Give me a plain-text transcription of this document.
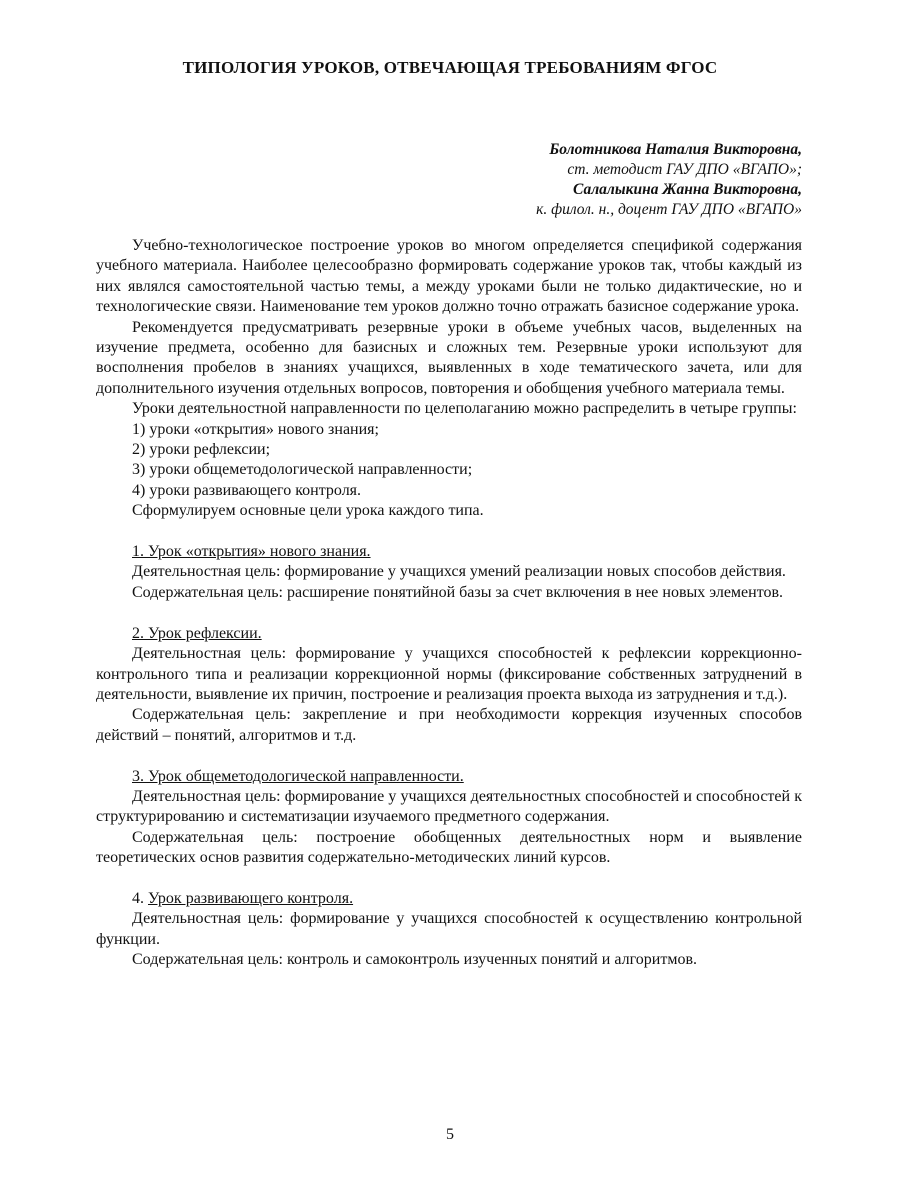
ТИПОЛОГИЯ УРОКОВ, ОТВЕЧАЮЩАЯ ТРЕБОВАНИЯМ ФГОС
Болотникова Наталия Викторовна,
ст. методист ГАУ ДПО «ВГАПО»;
Салалыкина Жанна Викторовна,
к. филол. н., доцент ГАУ ДПО «ВГАПО»

Учебно-технологическое построение уроков во многом определяется спецификой содержания учебного материала. Наиболее целесообразно формировать содержание уроков так, чтобы каждый из них являлся самостоятельной частью темы, а между уроками были не только дидактические, но и технологические связи. Наименование тем уроков должно точно отражать базисное содержание урока.

Рекомендуется предусматривать резервные уроки в объеме учебных часов, выделенных на изучение предмета, особенно для базисных и сложных тем. Резервные уроки используют для восполнения пробелов в знаниях учащихся, выявленных в ходе тематического зачета, или для дополнительного изучения отдельных вопросов, повторения и обобщения учебного материала темы.

Уроки деятельностной направленности по целеполаганию можно распределить в четыре группы:

1) уроки «открытия» нового знания;

2) уроки рефлексии;

3) уроки общеметодологической направленности;

4) уроки развивающего контроля.

Сформулируем основные цели урока каждого типа.

1. Урок «открытия» нового знания.

Деятельностная цель: формирование у учащихся умений реализации новых способов действия.

Содержательная цель: расширение понятийной базы за счет включения в нее новых элементов.

2. Урок рефлексии.

Деятельностная цель: формирование у учащихся способностей к рефлексии коррекционно-контрольного типа и реализации коррекционной нормы (фиксирование собственных затруднений в деятельности, выявление их причин, построение и реализация проекта выхода из затруднения и т.д.).

Содержательная цель: закрепление и при необходимости коррекция изученных способов действий – понятий, алгоритмов и т.д.

3. Урок общеметодологической направленности.

Деятельностная цель: формирование у учащихся деятельностных способностей и способностей к структурированию и систематизации изучаемого предметного содержания.

Содержательная цель: построение обобщенных деятельностных норм и выявление теоретических основ развития содержательно-методических линий курсов.

4. Урок развивающего контроля.

Деятельностная цель: формирование у учащихся способностей к осуществлению контрольной функции.

Содержательная цель: контроль и самоконтроль изученных понятий и алгоритмов.

5
